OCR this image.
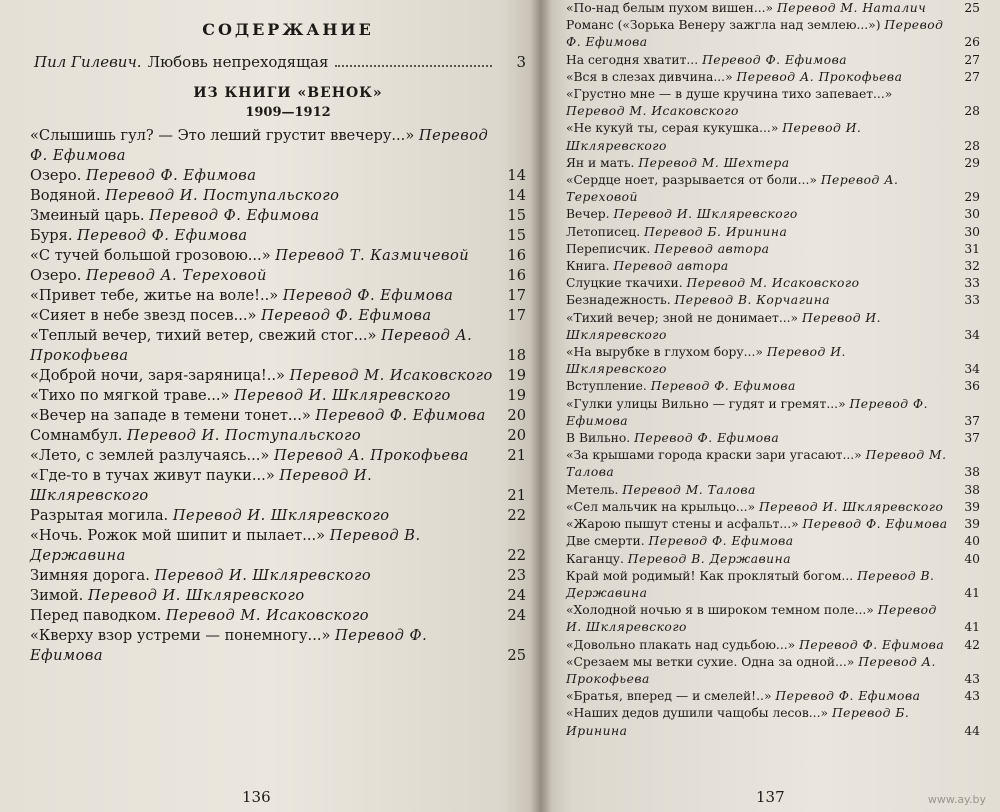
СОДЕРЖАНИЕ
Пил Гилевич. Любовь непреходящая	3
ИЗ КНИГИ «ВЕНОК»
1909—1912
«Слышишь гул? — Это леший грустит ввечеру...» Перевод Ф. Ефимова
Озеро. Перевод Ф. Ефимова	14
Водяной. Перевод И. Поступальского	14
Змеиный царь. Перевод Ф. Ефимова	15
Буря. Перевод Ф. Ефимова	15
«С тучей большой грозовою...» Перевод Т. Казмичевой	16
Озеро. Перевод А. Тереховой	16
«Привет тебе, житье на воле!..» Перевод Ф. Ефимова	17
«Сияет в небе звезд посев...» Перевод Ф. Ефимова	17
«Теплый вечер, тихий ветер, свежий стог...» Перевод А. Прокофьева	18
«Доброй ночи, заря-заряница!..» Перевод М. Исаковского	19
«Тихо по мягкой траве...» Перевод И. Шкляревского	19
«Вечер на западе в темени тонет...» Перевод Ф. Ефимова	20
Сомнамбул. Перевод И. Поступальского	20
«Лето, с землей разлучаясь...» Перевод А. Прокофьева	21
«Где-то в тучах живут пауки...» Перевод И. Шкляревского	21
Разрытая могила. Перевод И. Шкляревского	22
«Ночь. Рожок мой шипит и пылает...» Перевод В. Державина	22
Зимняя дорога. Перевод И. Шкляревского	23
Зимой. Перевод И. Шкляревского	24
Перед паводком. Перевод М. Исаковского	24
«Кверху взор устреми — понемногу...» Перевод Ф. Ефимова	25
136
«По-над белым пухом вишен...» Перевод М. Наталич	25
Романс («Зорька Венеру зажгла над землею...») Перевод Ф. Ефимова	26
На сегодня хватит... Перевод Ф. Ефимова	27
«Вся в слезах дивчина...» Перевод А. Прокофьева	27
«Грустно мне — в душе кручина тихо запевает...» Перевод М. Исаковского	28
«Не кукуй ты, серая кукушка...» Перевод И. Шкляревского	28
Ян и мать. Перевод М. Шехтера	29
«Сердце ноет, разрывается от боли...» Перевод А. Тереховой	29
Вечер. Перевод И. Шкляревского	30
Летописец. Перевод Б. Иринина	30
Переписчик. Перевод автора	31
Книга. Перевод автора	32
Слуцкие ткачихи. Перевод М. Исаковского	33
Безнадежность. Перевод В. Корчагина	33
«Тихий вечер; зной не донимает...» Перевод И. Шкляревского	34
«На вырубке в глухом бору...» Перевод И. Шкляревского	34
Вступление. Перевод Ф. Ефимова	36
«Гулки улицы Вильно — гудят и гремят...» Перевод Ф. Ефимова	37
В Вильно. Перевод Ф. Ефимова	37
«За крышами города краски зари угасают...» Перевод М. Талова	38
Метель. Перевод М. Талова	38
«Сел мальчик на крыльцо...» Перевод И. Шкляревского	39
«Жарою пышут стены и асфальт...» Перевод Ф. Ефимова	39
Две смерти. Перевод Ф. Ефимова	40
Каганцу. Перевод В. Державина	40
Край мой родимый! Как проклятый богом... Перевод В. Державина	41
«Холодной ночью я в широком темном поле...» Перевод И. Шкляревского	41
«Довольно плакать над судьбою...» Перевод Ф. Ефимова	42
«Срезаем мы ветки сухие. Одна за одной...» Перевод А. Прокофьева	43
«Братья, вперед — и смелей!..» Перевод Ф. Ефимова	43
«Наших дедов душили чащобы лесов...» Перевод Б. Иринина	44
137	www.ay.by
